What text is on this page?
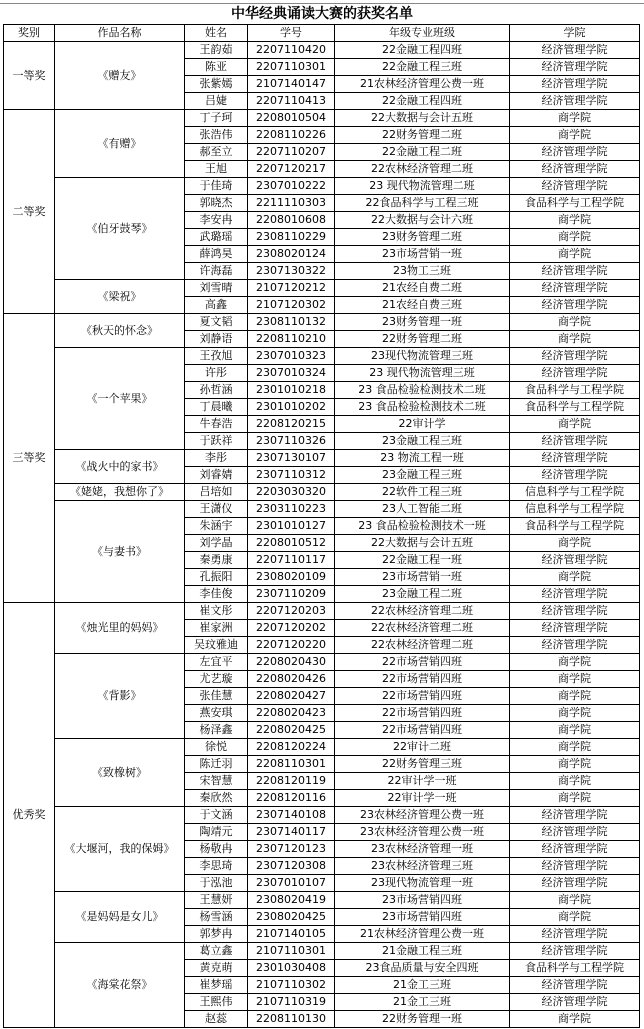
中华经典诵读大赛的获奖名单
奖别	作品名称	姓名	学号	年级专业班级	学院
一等奖	《赠友》	王韵茹	2207110420	22金融工程四班	经济管理学院
		陈亚	2207110301	22金融工程三班	经济管理学院
		张紫嫣	2107140147	21农林经济管理公费一班	经济管理学院
		吕婕	2207110413	22金融工程四班	经济管理学院
二等奖	《有赠》	丁子珂	2208010504	22大数据与会计五班	商学院
		张浩伟	2208110226	22财务管理二班	商学院
		郝至立	2207110207	22金融工程二班	经济管理学院
		王旭	2207120217	22农林经济管理二班	经济管理学院
	《伯牙鼓琴》	于佳琦	2307010222	23 现代物流管理二班	经济管理学院
		郭晓杰	2211110303	22食品科学与工程三班	食品科学与工程学院
		李安冉	2208010608	22大数据与会计六班	商学院
		武璐瑶	2308110229	23财务管理二班	商学院
		薛鸿昊	2308020124	23市场营销一班	商学院
		许海磊	2307130322	23物工三班	经济管理学院
	《梁祝》	刘雪晴	2107120212	21农经自费二班	经济管理学院
		高鑫	2107120302	21农经自费三班	经济管理学院
三等奖	《秋天的怀念》	夏文韬	2308110132	23财务管理一班	商学院
		刘静语	2208110210	22财务管理二班	商学院
	《一个苹果》	王孜旭	2307010323	23现代物流管理三班	经济管理学院
		许彤	2307010324	23 现代物流管理三班	经济管理学院
		孙哲涵	2301010218	23 食品检验检测技术二班	食品科学与工程学院
		丁晨曦	2301010202	23 食品检验检测技术二班	食品科学与工程学院
		牛春浩	2208120215	22审计学	商学院
		于跃祥	2307110326	23金融工程三班	经济管理学院
	《战火中的家书》	李彤	2307130107	23 物流工程一班	经济管理学院
		刘睿婧	2307110312	23金融工程三班	经济管理学院
	《姥姥，我想你了》	吕培如	2203030320	22软件工程三班	信息科学与工程学院
	《与妻书》	王潇仪	2303110223	23人工智能二班	信息科学与工程学院
		朱涵宇	2301010127	23 食品检验检测技术一班	食品科学与工程学院
		刘学晶	2208010512	22大数据与会计五班	商学院
		秦勇康	2207110117	22金融工程一班	经济管理学院
		孔振阳	2308020109	23市场营销一班	商学院
		李佳俊	2307110209	23金融工程二班	经济管理学院
优秀奖	《烛光里的妈妈》	崔文彤	2207120203	22农林经济管理二班	经济管理学院
		崔家洲	2207120202	22农林经济管理二班	经济管理学院
		吴玟雅迪	2207120220	22农林经济管理二班	经济管理学院
	《背影》	左宜平	2208020430	22市场营销四班	商学院
		尤艺璇	2208020426	22市场营销四班	商学院
		张佳慧	2208020427	22市场营销四班	商学院
		燕安琪	2208020423	22市场营销四班	商学院
		杨泽鑫	2208020425	22市场营销四班	商学院
	《致橡树》	徐悦	2208120224	22审计二班	商学院
		陈迁羽	2208110301	22财务管理三班	商学院
		宋智慧	2208120119	22审计学一班	商学院
		秦欣然	2208120116	22审计学一班	商学院
	《大堰河，我的保姆》	于文涵	2307140108	23农林经济管理公费一班	经济管理学院
		陶靖元	2307140117	23农林经济管理公费一班	经济管理学院
		杨敬冉	2307120123	23农林经济管理一班	经济管理学院
		李思琦	2307120308	23农林经济管理三班	经济管理学院
		于泓池	2307010107	23现代物流管理一班	经济管理学院
	《是妈妈是女儿》	王慧妍	2308020419	23市场营销四班	商学院
		杨雪涵	2308020425	23市场营销四班	商学院
		郭梦冉	2107140105	21农林经济管理公费一班	经济管理学院
	《海棠花祭》	葛立鑫	2107110301	21金融工程三班	经济管理学院
		黄克萌	2301030408	23食品质量与安全四班	食品科学与工程学院
		崔梦瑶	2107110302	21金工三班	经济管理学院
		王熙伟	2107110319	21金工三班	经济管理学院
		赵蕊	2208110130	22财务管理一班	商学院
